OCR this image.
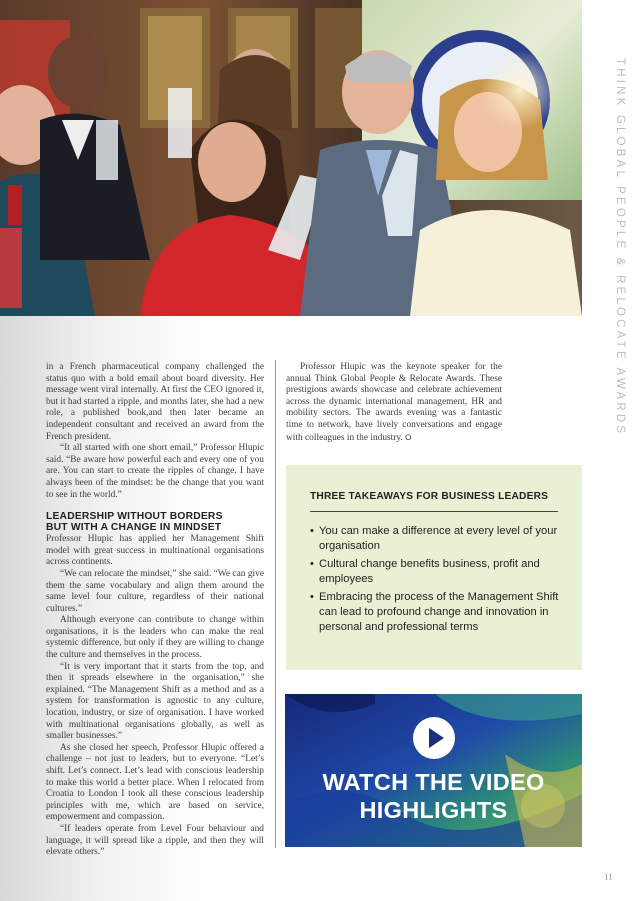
THINK GLOBAL PEOPLE & RELOCATE AWARDS

in a French pharmaceutical company challenged the status quo with a bold email about board diversity. Her message went viral internally. At first the CEO ignored it, but it had started a ripple, and months later, she had a new role, a published book,and then later became an independent consultant and received an award from the French president.

“It all started with one short email,” Professor Hlupic said. “Be aware how powerful each and every one of you are. You can start to create the ripples of change. I have always been of the mindset: be the change that you want to see in the world.”

LEADERSHIP WITHOUT BORDERS
BUT WITH A CHANGE IN MINDSET

Professor Hlupic has applied her Management Shift model with great success in multinational organisations across continents.

“We can relocate the mindset,” she said. “We can give them the same vocabulary and align them around the same level four culture, regardless of their national cultures.”

Although everyone can contribute to change within organisations, it is the leaders who can make the real systemic difference, but only if they are willing to change the culture and themselves in the process.

“It is very important that it starts from the top, and then it spreads elsewhere in the organisation,” she explained. “The Management Shift as a method and as a system for transformation is agnostic to any culture, location, industry, or size of organisation. I have worked with multinational organisations globally, as well as smaller businesses.”

As she closed her speech, Professor Hlupic offered a challenge – not just to leaders, but to everyone. “Let’s shift. Let’s connect. Let’s lead with conscious leadership to make this world a better place. When I relocated from Croatia to London I took all these conscious leadership principles with me, which are based on service, empowerment and compassion.

“If leaders operate from Level Four behaviour and language, it will spread like a ripple, and then they will elevate others.”

Professor Hlupic was the keynote speaker for the annual Think Global People & Relocate Awards. These prestigious awards showcase and celebrate achievement across the dynamic international management, HR and mobility sectors. The awards evening was a fantastic time to network, have lively conversations and engage with colleagues in the industry. ⭘

THREE TAKEAWAYS FOR BUSINESS LEADERS
• You can make a difference at every level of your organisation
• Cultural change benefits business, profit and employees
• Embracing the process of the Management Shift can lead to profound change and innovation in personal and professional terms
WATCH THE VIDEO
HIGHLIGHTS
11
